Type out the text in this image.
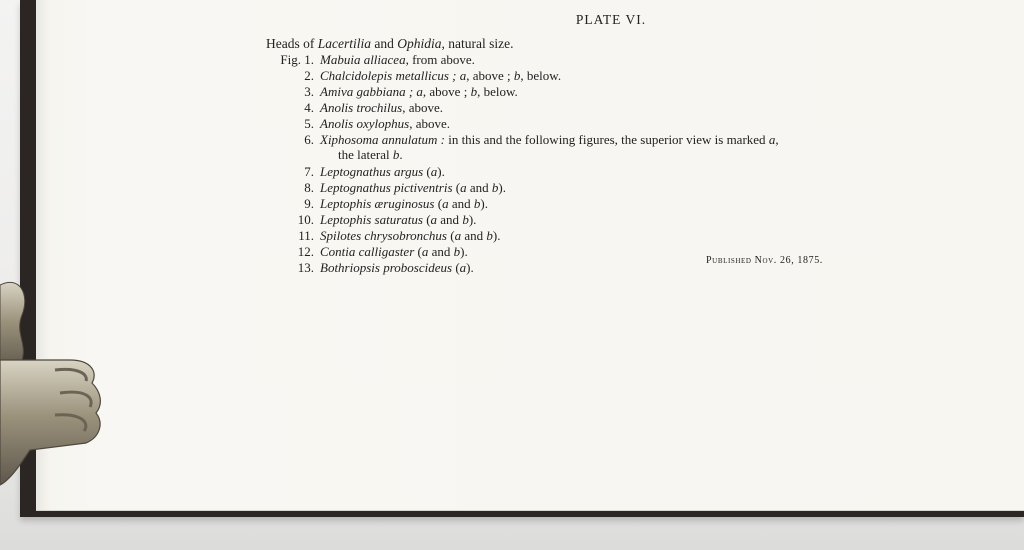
PLATE VI.
Heads of Lacertilia and Ophidia, natural size.
Fig. 1. Mabuia alliacea, from above.
2. Chalcidolepis metallicus ; a, above ; b, below.
3. Amiva gabbiana ; a, above ; b, below.
4. Anolis trochilus, above.
5. Anolis oxylophus, above.
6. Xiphosoma annulatum : in this and the following figures, the superior view is marked a,
the lateral b.
7. Leptognathus argus (a).
8. Leptognathus pictiventris (a and b).
9. Leptophis æruginosus (a and b).
10. Leptophis saturatus (a and b).
11. Spilotes chrysobronchus (a and b).
12. Contia calligaster (a and b).
13. Bothriopsis proboscideus (a).	Published Nov. 26, 1875.
